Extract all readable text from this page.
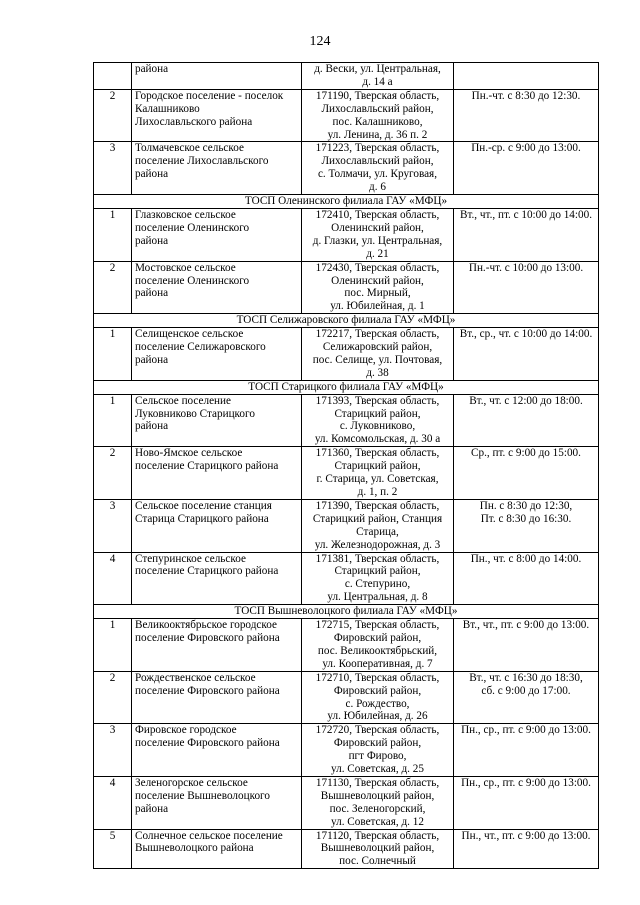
124

	района	д. Вески, ул. Центральная,
д. 14 а	

2	Городское поселение - поселок
Калашниково
Лихославльского района	171190, Тверская область,
Лихославльский район,
пос. Калашниково,
ул. Ленина, д. 36 п. 2	Пн.-чт. с 8:30 до 12:30.

3	Толмачевское сельское
поселение Лихославльского
района	171223, Тверская область,
Лихославльский район,
с. Толмачи, ул. Круговая,
д. 6	Пн.-ср. с 9:00 до 13:00.

ТОСП Оленинского филиала ГАУ «МФЦ»			
1	Глазковское сельское
поселение Оленинского
района	172410, Тверская область,
Оленинский район,
д. Глазки, ул. Центральная,
д. 21	Вт., чт., пт. с 10:00 до 14:00.

2	Мостовское сельское
поселение Оленинского
района	172430, Тверская область,
Оленинский район,
пос. Мирный,
ул. Юбилейная, д. 1	Пн.-чт. с 10:00 до 13:00.

ТОСП Селижаровского филиала ГАУ «МФЦ»			
1	Селищенское сельское
поселение Селижаровского
района	172217, Тверская область,
Селижаровский район,
пос. Селище, ул. Почтовая,
д. 38	Вт., ср., чт. с 10:00 до 14:00.

ТОСП Старицкого филиала ГАУ «МФЦ»			
1	Сельское поселение
Луковниково Старицкого
района	171393, Тверская область,
Старицкий район,
с. Луковниково,
ул. Комсомольская, д. 30 а	Вт., чт. с 12:00 до 18:00.

2	Ново-Ямское сельское
поселение Старицкого района	171360, Тверская область,
Старицкий район,
г. Старица, ул. Советская,
д. 1, п. 2	Ср., пт. с 9:00 до 15:00.

3	Сельское поселение станция
Старица Старицкого района	171390, Тверская область,
Старицкий район, Станция
Старица,
ул. Железнодорожная, д. 3	Пн. с 8:30 до 12:30,
Пт. с 8:30 до 16:30.

4	Степуринское сельское
поселение Старицкого района	171381, Тверская область,
Старицкий район,
с. Степурино,
ул. Центральная, д. 8	Пн., чт. с 8:00 до 14:00.

ТОСП Вышневолоцкого филиала ГАУ «МФЦ»			
1	Великооктябрьское городское
поселение Фировского района	172715, Тверская область,
Фировский район,
пос. Великооктябрьский,
ул. Кооперативная, д. 7	Вт., чт., пт. с 9:00 до 13:00.

2	Рождественское сельское
поселение Фировского района	172710, Тверская область,
Фировский район,
с. Рождество,
ул. Юбилейная, д. 26	Вт., чт. с 16:30 до 18:30,
сб. с 9:00 до 17:00.

3	Фировское городское
поселение Фировского района	172720, Тверская область,
Фировский район,
пгт Фирово,
ул. Советская, д. 25	Пн., ср., пт. с 9:00 до 13:00.

4	Зеленогорское сельское
поселение Вышневолоцкого
района	171130, Тверская область,
Вышневолоцкий район,
пос. Зеленогорский,
ул. Советская, д. 12	Пн., ср., пт. с 9:00 до 13:00.

5	Солнечное сельское поселение
Вышневолоцкого района	171120, Тверская область,
Вышневолоцкий район,
пос. Солнечный	Пн., чт., пт. с 9:00 до 13:00.
